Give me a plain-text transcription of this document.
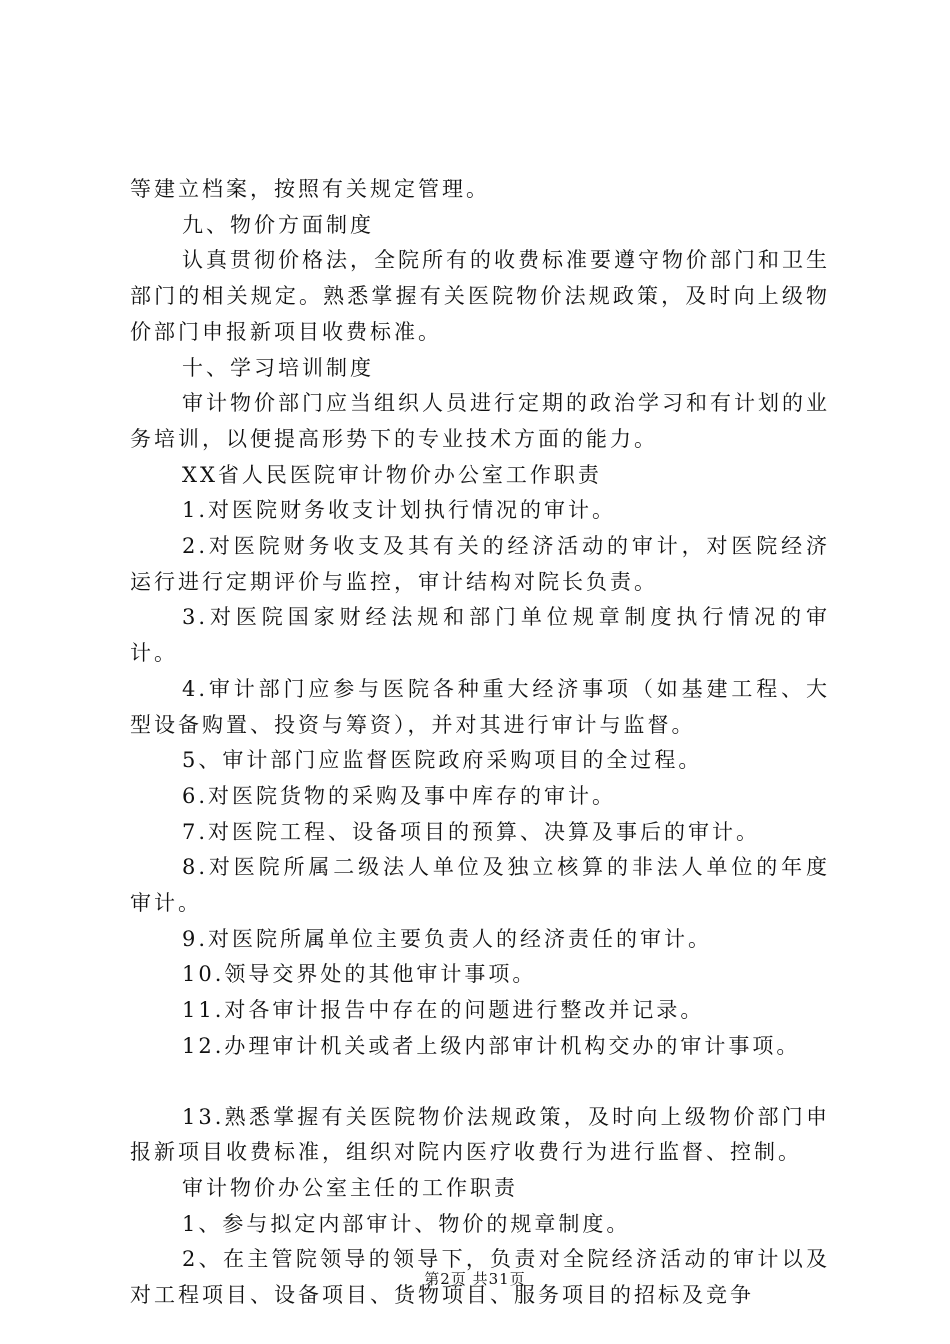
等建立档案，按照有关规定管理。

九、物价方面制度

认真贯彻价格法，全院所有的收费标准要遵守物价部门和卫生部门的相关规定。熟悉掌握有关医院物价法规政策，及时向上级物价部门申报新项目收费标准。

十、学习培训制度

审计物价部门应当组织人员进行定期的政治学习和有计划的业务培训，以便提高形势下的专业技术方面的能力。

XX省人民医院审计物价办公室工作职责

1.对医院财务收支计划执行情况的审计。

2.对医院财务收支及其有关的经济活动的审计，对医院经济运行进行定期评价与监控，审计结构对院长负责。

3.对医院国家财经法规和部门单位规章制度执行情况的审计。

4.审计部门应参与医院各种重大经济事项（如基建工程、大型设备购置、投资与筹资），并对其进行审计与监督。

5、审计部门应监督医院政府采购项目的全过程。

6.对医院货物的采购及事中库存的审计。

7.对医院工程、设备项目的预算、决算及事后的审计。

8.对医院所属二级法人单位及独立核算的非法人单位的年度审计。

9.对医院所属单位主要负责人的经济责任的审计。

10.领导交界处的其他审计事项。

11.对各审计报告中存在的问题进行整改并记录。

12.办理审计机关或者上级内部审计机构交办的审计事项。

13.熟悉掌握有关医院物价法规政策，及时向上级物价部门申报新项目收费标准，组织对院内医疗收费行为进行监督、控制。

审计物价办公室主任的工作职责

1、参与拟定内部审计、物价的规章制度。

2、在主管院领导的领导下，负责对全院经济活动的审计以及对工程项目、设备项目、货物项目、服务项目的招标及竞争

第2页 共31页
